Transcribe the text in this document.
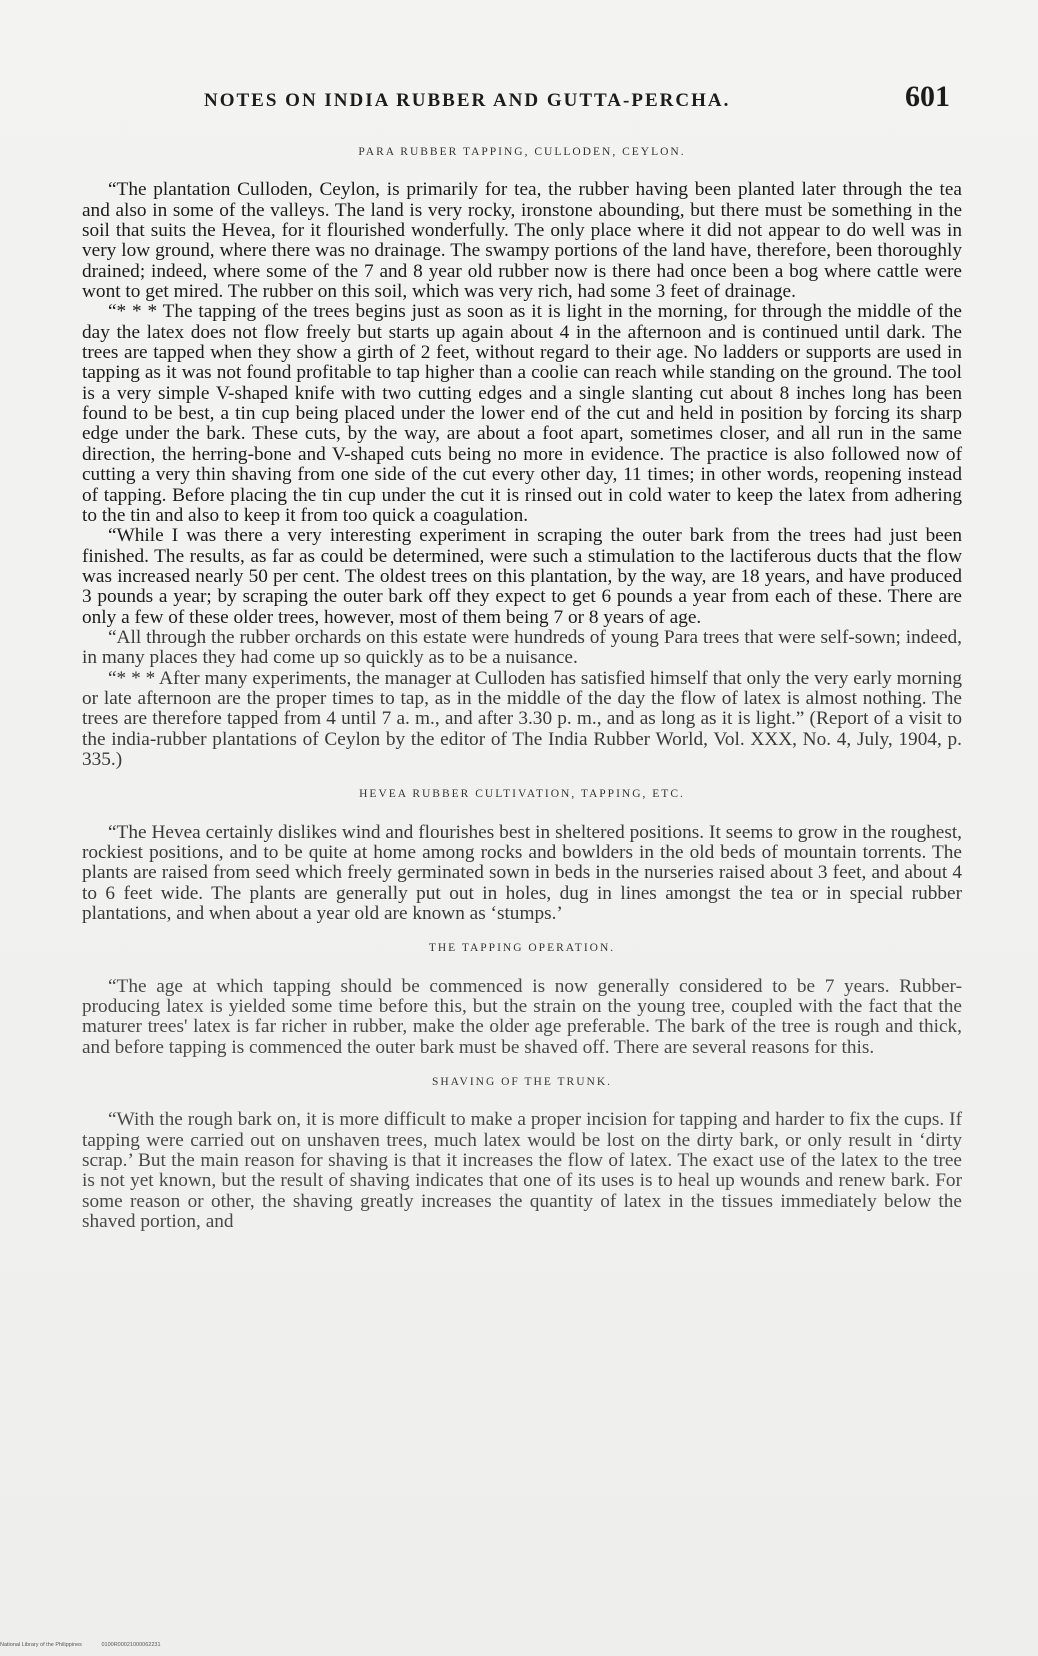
NOTES ON INDIA RUBBER AND GUTTA-PERCHA.	601
PARA RUBBER TAPPING, CULLODEN, CEYLON.

“The plantation Culloden, Ceylon, is primarily for tea, the rubber having been planted later through the tea and also in some of the valleys. The land is very rocky, ironstone abounding, but there must be something in the soil that suits the Hevea, for it flourished wonderfully. The only place where it did not appear to do well was in very low ground, where there was no drainage. The swampy portions of the land have, therefore, been thoroughly drained; indeed, where some of the 7 and 8 year old rubber now is there had once been a bog where cattle were wont to get mired. The rubber on this soil, which was very rich, had some 3 feet of drainage.

“* * * The tapping of the trees begins just as soon as it is light in the morning, for through the middle of the day the latex does not flow freely but starts up again about 4 in the afternoon and is continued until dark. The trees are tapped when they show a girth of 2 feet, without regard to their age. No ladders or supports are used in tapping as it was not found profitable to tap higher than a coolie can reach while standing on the ground. The tool is a very simple V-shaped knife with two cutting edges and a single slanting cut about 8 inches long has been found to be best, a tin cup being placed under the lower end of the cut and held in position by forcing its sharp edge under the bark. These cuts, by the way, are about a foot apart, sometimes closer, and all run in the same direction, the herring-bone and V-shaped cuts being no more in evidence. The practice is also followed now of cutting a very thin shaving from one side of the cut every other day, 11 times; in other words, reopening instead of tapping. Before placing the tin cup under the cut it is rinsed out in cold water to keep the latex from adhering to the tin and also to keep it from too quick a coagulation.

“While I was there a very interesting experiment in scraping the outer bark from the trees had just been finished. The results, as far as could be determined, were such a stimulation to the lactiferous ducts that the flow was increased nearly 50 per cent. The oldest trees on this plantation, by the way, are 18 years, and have produced 3 pounds a year; by scraping the outer bark off they expect to get 6 pounds a year from each of these. There are only a few of these older trees, however, most of them being 7 or 8 years of age.

“All through the rubber orchards on this estate were hundreds of young Para trees that were self-sown; indeed, in many places they had come up so quickly as to be a nuisance.

“* * * After many experiments, the manager at Culloden has satisfied himself that only the very early morning or late afternoon are the proper times to tap, as in the middle of the day the flow of latex is almost nothing. The trees are therefore tapped from 4 until 7 a. m., and after 3.30 p. m., and as long as it is light.” (Report of a visit to the india-rubber plantations of Ceylon by the editor of The India Rubber World, Vol. XXX, No. 4, July, 1904, p. 335.)

HEVEA RUBBER CULTIVATION, TAPPING, ETC.

“The Hevea certainly dislikes wind and flourishes best in sheltered positions. It seems to grow in the roughest, rockiest positions, and to be quite at home among rocks and bowlders in the old beds of mountain torrents. The plants are raised from seed which freely germinated sown in beds in the nurseries raised about 3 feet, and about 4 to 6 feet wide. The plants are generally put out in holes, dug in lines amongst the tea or in special rubber plantations, and when about a year old are known as ‘stumps.’

THE TAPPING OPERATION.

“The age at which tapping should be commenced is now generally considered to be 7 years. Rubber-producing latex is yielded some time before this, but the strain on the young tree, coupled with the fact that the maturer trees' latex is far richer in rubber, make the older age preferable. The bark of the tree is rough and thick, and before tapping is commenced the outer bark must be shaved off. There are several reasons for this.

SHAVING OF THE TRUNK.

“With the rough bark on, it is more difficult to make a proper incision for tapping and harder to fix the cups. If tapping were carried out on unshaven trees, much latex would be lost on the dirty bark, or only result in ‘dirty scrap.’ But the main reason for shaving is that it increases the flow of latex. The exact use of the latex to the tree is not yet known, but the result of shaving indicates that one of its uses is to heal up wounds and renew bark. For some reason or other, the shaving greatly increases the quantity of latex in the tissues immediately below the shaved portion, and

National Library of the Philippines	0100R00021000062231
